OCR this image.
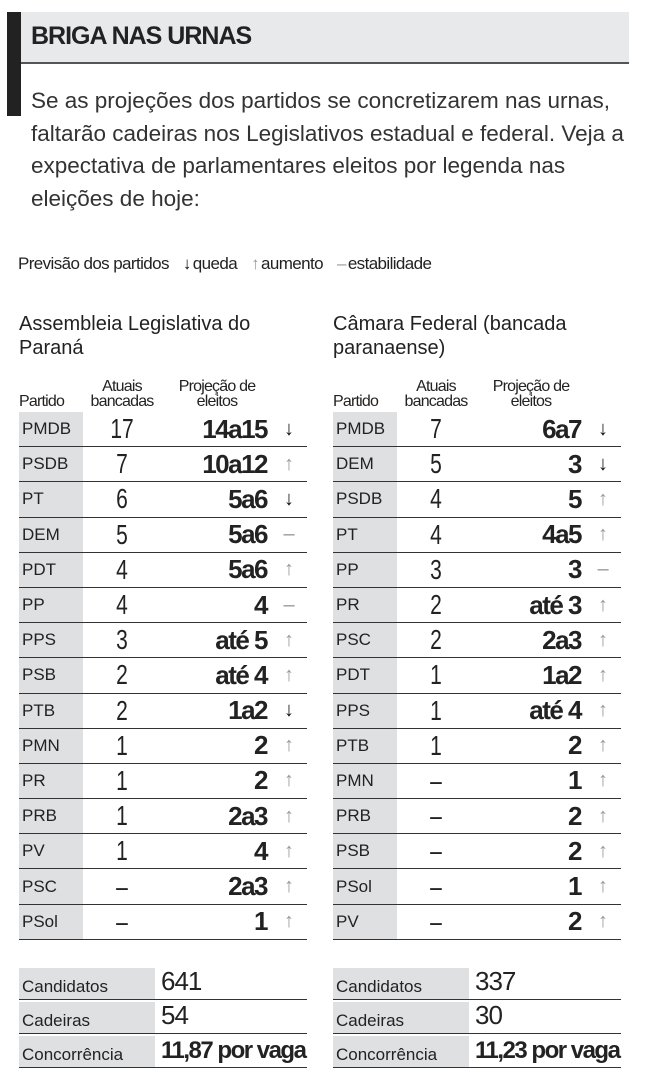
BRIGA NAS URNAS

Se as projeções dos partidos se concretizarem nas urnas, faltarão cadeiras nos Legislativos estadual e federal. Veja a expectativa de parlamentares eleitos por legenda nas eleições de hoje:

Previsão dos partidos ↓ queda ↑ aumento – estabilidade
Assembleia Legislativa do Paraná
Câmara Federal (bancada paranaense)
Partido
Atuais bancadas
Projeção de eleitos
PMDB	17	14a15 ↓
PSDB	7	10a12 ↑
PT	6	5a6 ↓
DEM	5	5a6 –
PDT	4	5a6 ↑
PP	4	4 –
PPS	3	até 5 ↑
PSB	2	até 4 ↑
PTB	2	1a2 ↓
PMN	1	2 ↑
PR	1	2 ↑
PRB	1	2a3 ↑
PV	1	4 ↑
PSC	–	2a3 ↑
PSol	–	1 ↑
Partido
Atuais bancadas
Projeção de eleitos
PMDB	7	6a7 ↓
DEM	5	3 ↓
PSDB	4	5 ↑
PT	4	4a5 ↑
PP	3	3 –
PR	2	até 3 ↑
PSC	2	2a3 ↑
PDT	1	1a2 ↑
PPS	1	até 4 ↑
PTB	1	2 ↑
PMN	–	1 ↑
PRB	–	2 ↑
PSB	–	2 ↑
PSol	–	1 ↑
PV	–	2 ↑
Candidatos	641
Cadeiras	54
Concorrência	11,87 por vaga
Candidatos	337
Cadeiras	30
Concorrência	11,23 por vaga
